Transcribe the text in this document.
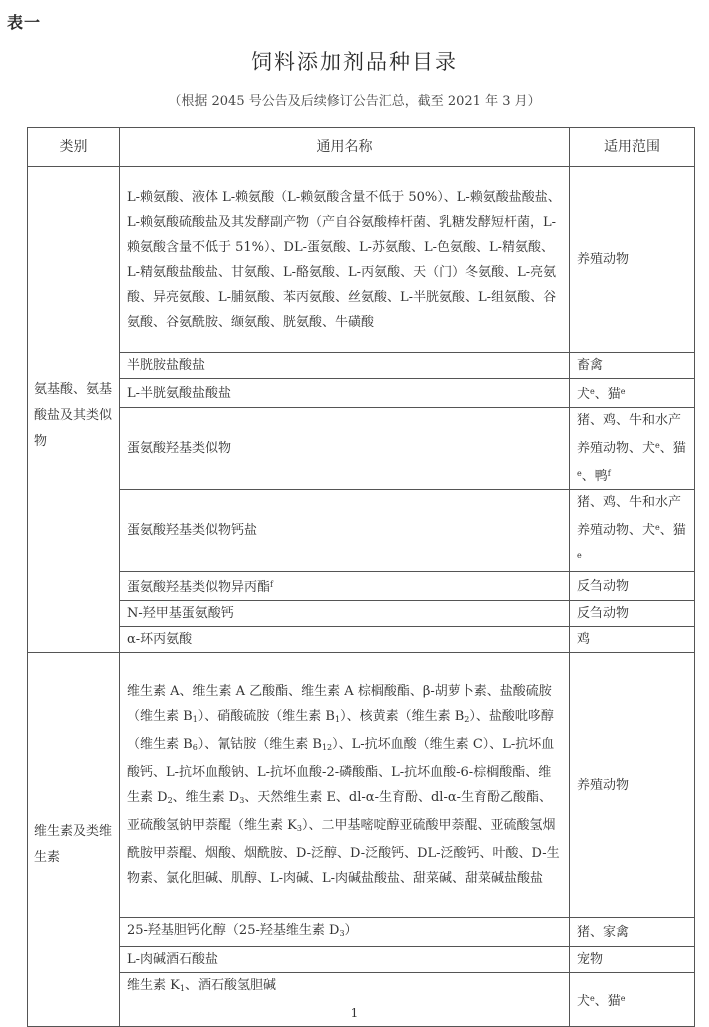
表一
饲料添加剂品种目录
（根据 2045 号公告及后续修订公告汇总，截至 2021 年 3 月）
类别	通用名称	适用范围
氨基酸、氨基酸盐及其类似物	L-赖氨酸、液体 L-赖氨酸（L-赖氨酸含量不低于 50%）、L-赖氨酸盐酸盐、L-赖氨酸硫酸盐及其发酵副产物（产自谷氨酸棒杆菌、乳糖发酵短杆菌，L-赖氨酸含量不低于 51%）、DL-蛋氨酸、L-苏氨酸、L-色氨酸、L-精氨酸、L-精氨酸盐酸盐、甘氨酸、L-酪氨酸、L-丙氨酸、天（门）冬氨酸、L-亮氨酸、异亮氨酸、L-脯氨酸、苯丙氨酸、丝氨酸、L-半胱氨酸、L-组氨酸、谷氨酸、谷氨酰胺、缬氨酸、胱氨酸、牛磺酸	养殖动物
	半胱胺盐酸盐	畜禽
	L-半胱氨酸盐酸盐	犬$^e$、猫$^e$
	蛋氨酸羟基类似物	猪、鸡、牛和水产养殖动物、犬$^e$、猫$^e$、鸭$^f$
	蛋氨酸羟基类似物钙盐	猪、鸡、牛和水产养殖动物、犬$^e$、猫$^e$
	蛋氨酸羟基类似物异丙酯$^f$	反刍动物
	N-羟甲基蛋氨酸钙	反刍动物
	α-环丙氨酸	鸡
维生素及类维生素	维生素 A、维生素 A 乙酸酯、维生素 A 棕榈酸酯、β-胡萝卜素、盐酸硫胺（维生素 $B_1$）、硝酸硫胺（维生素 $B_1$）、核黄素（维生素 $B_2$）、盐酸吡哆醇（维生素 $B_6$）、氰钴胺（维生素 $B_{12}$）、L-抗坏血酸（维生素 C）、L-抗坏血酸钙、L-抗坏血酸钠、L-抗坏血酸-2-磷酸酯、L-抗坏血酸-6-棕榈酸酯、维生素 $D_2$、维生素 $D_3$、天然维生素 E、dl-α-生育酚、dl-α-生育酚乙酸酯、亚硫酸氢钠甲萘醌（维生素 $K_3$）、二甲基嘧啶醇亚硫酸甲萘醌、亚硫酸氢烟酰胺甲萘醌、烟酸、烟酰胺、D-泛醇、D-泛酸钙、DL-泛酸钙、叶酸、D-生物素、氯化胆碱、肌醇、L-肉碱、L-肉碱盐酸盐、甜菜碱、甜菜碱盐酸盐	养殖动物
	25-羟基胆钙化醇（25-羟基维生素 $D_3$）	猪、家禽
	L-肉碱酒石酸盐	宠物
	维生素 $K_1$、酒石酸氢胆碱	犬$^e$、猫$^e$
1
